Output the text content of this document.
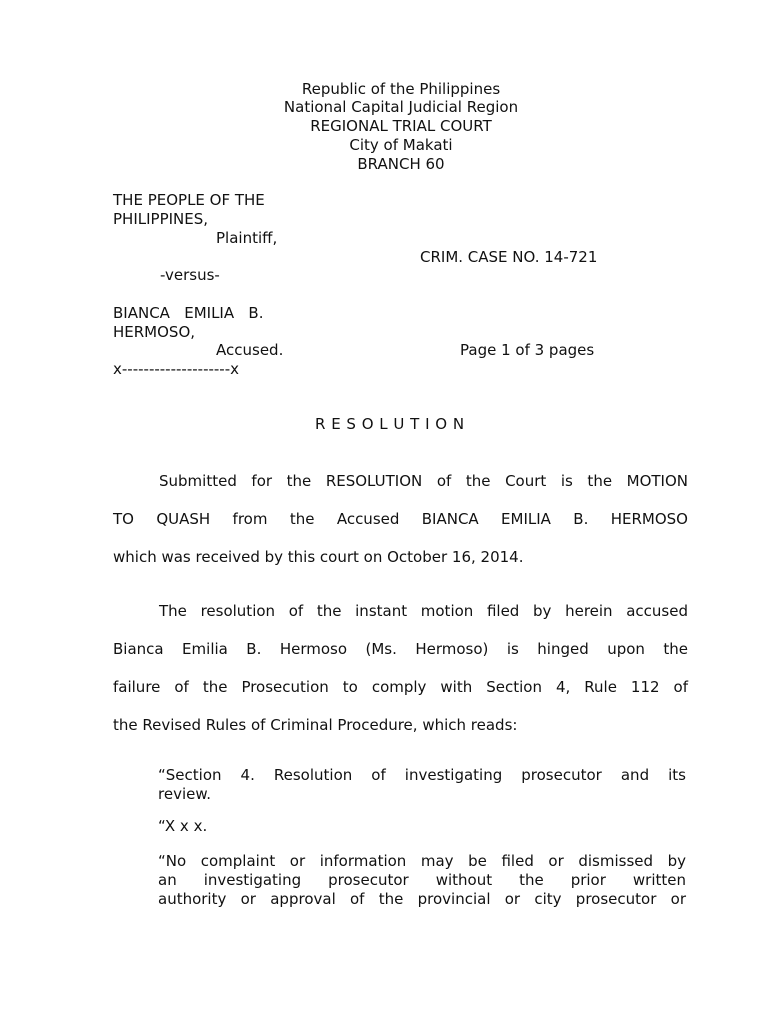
Republic of the Philippines
National Capital Judicial Region
REGIONAL TRIAL COURT
City of Makati
BRANCH 60
THE PEOPLE OF THE
PHILIPPINES,
Plaintiff,
CRIM. CASE NO. 14-721
-versus-
BIANCA   EMILIA   B.
HERMOSO,
Accused.	Page 1 of 3 pages
x--------------------x
R E S O L U T I O N
Submitted for the RESOLUTION of the Court is the MOTION
TO QUASH from the Accused BIANCA EMILIA B. HERMOSO
which was received by this court on October 16, 2014.
The resolution of the instant motion filed by herein accused
Bianca Emilia B. Hermoso (Ms. Hermoso) is hinged upon the
failure of the Prosecution to comply with Section 4, Rule 112 of
the Revised Rules of Criminal Procedure, which reads:
“Section 4. Resolution of investigating prosecutor and its
review.
“X x x.
“No complaint or information may be filed or dismissed by
an investigating prosecutor without the prior written
authority or approval of the provincial or city prosecutor or
